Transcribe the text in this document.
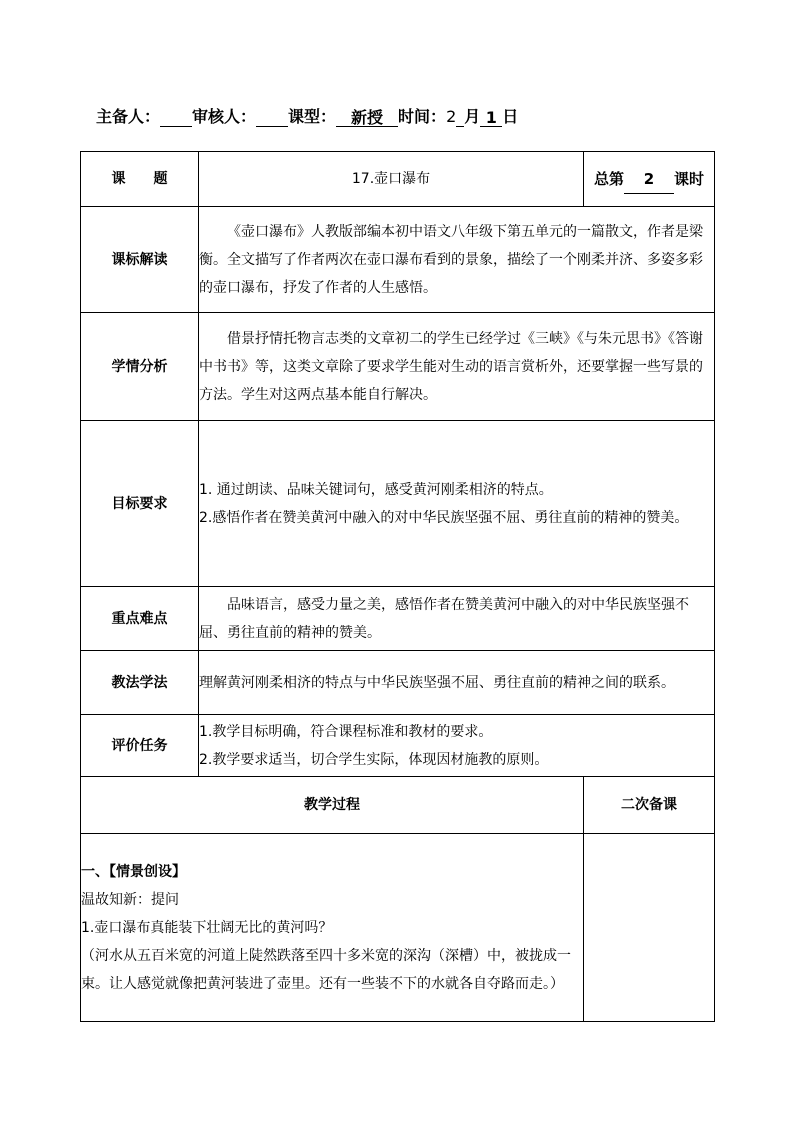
主备人： 审核人： 课型： 新授 时间：2 月 1 日
课　　题	17.壶口瀑布	总第 2 课时
课标解读	《壶口瀑布》人教版部编本初中语文八年级下第五单元的一篇散文，作者是梁衡。全文描写了作者两次在壶口瀑布看到的景象，描绘了一个刚柔并济、多姿多彩的壶口瀑布，抒发了作者的人生感悟。	

学情分析	借景抒情托物言志类的文章初二的学生已经学过《三峡》《与朱元思书》《答谢中书书》等，这类文章除了要求学生能对生动的语言赏析外，还要掌握一些写景的方法。学生对这两点基本能自行解决。	

目标要求	1. 通过朗读、品味关键词句，感受黄河刚柔相济的特点。
2.感悟作者在赞美黄河中融入的对中华民族坚强不屈、勇往直前的精神的赞美。	

重点难点	品味语言，感受力量之美，感悟作者在赞美黄河中融入的对中华民族坚强不屈、勇往直前的精神的赞美。	

教法学法	理解黄河刚柔相济的特点与中华民族坚强不屈、勇往直前的精神之间的联系。	

评价任务	1.教学目标明确，符合课程标准和教材的要求。
2.教学要求适当，切合学生实际，体现因材施教的原则。	

教学过程		二次备课

一、【情景创设】
温故知新：提问
1.壶口瀑布真能装下壮阔无比的黄河吗？
（河水从五百米宽的河道上陡然跌落至四十多米宽的深沟（深槽）中，被拢成一束。让人感觉就像把黄河装进了壶里。还有一些装不下的水就各自夺路而走。）		
